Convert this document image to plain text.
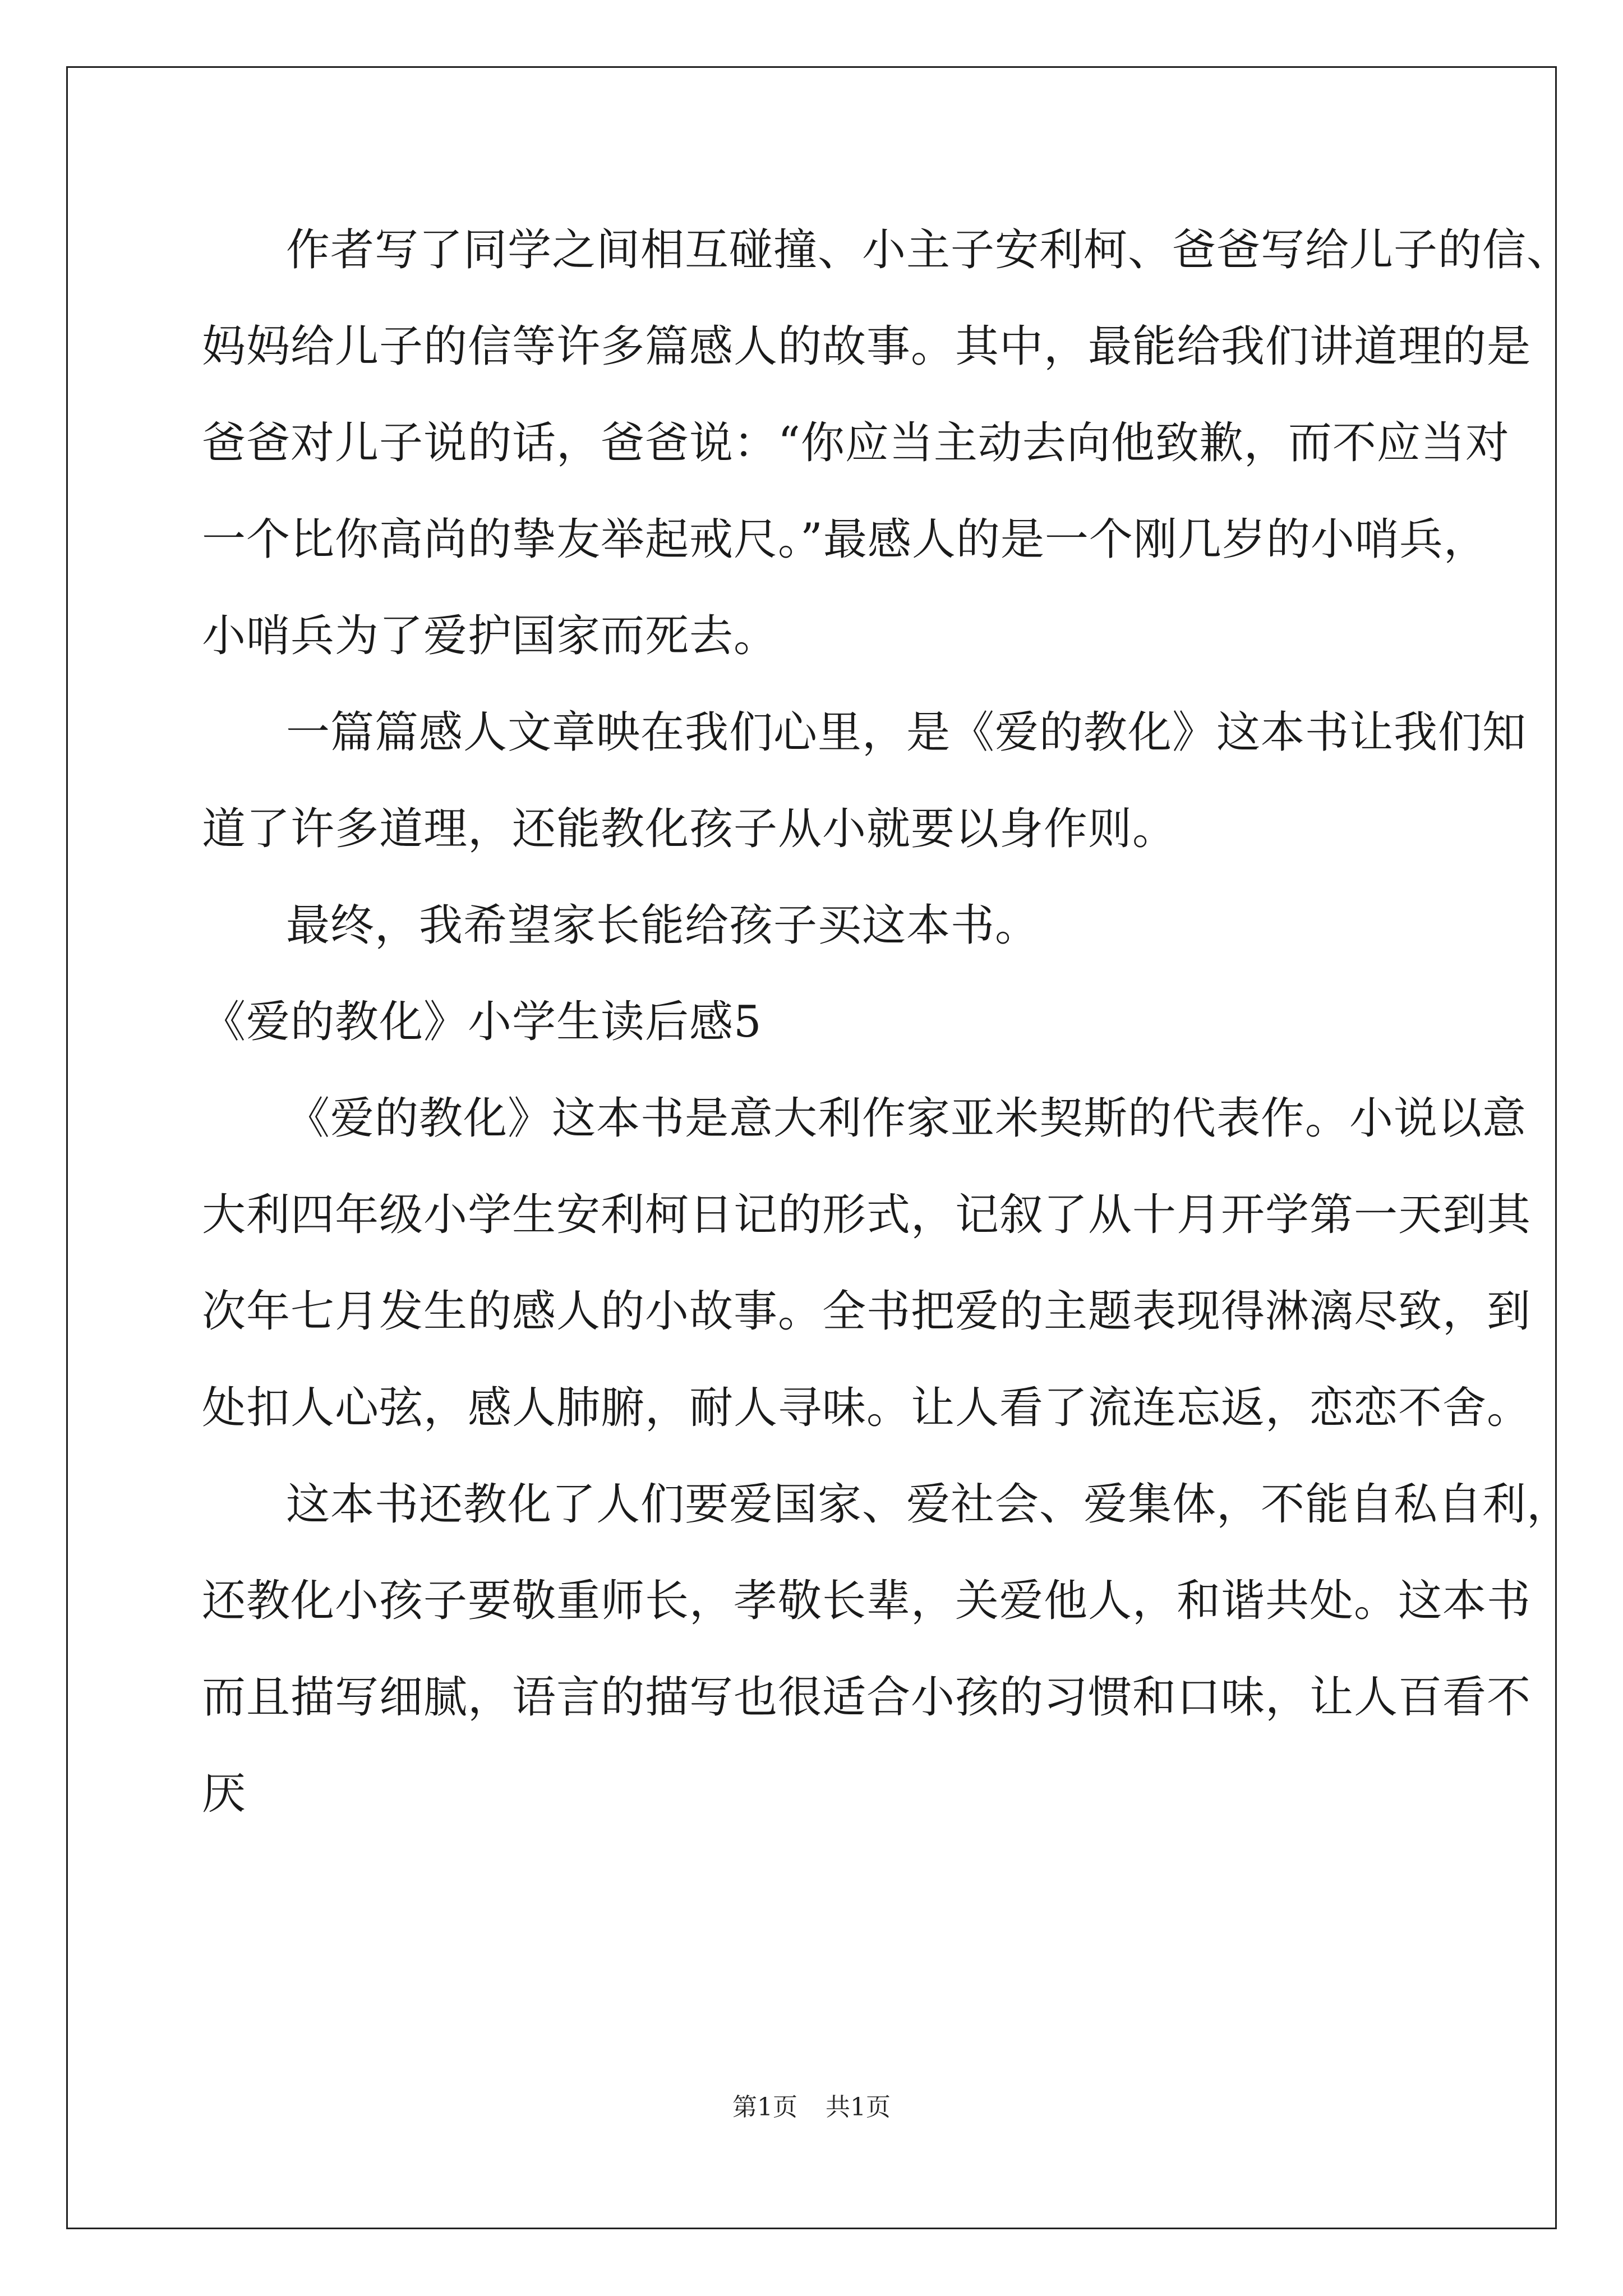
作者写了同学之间相互碰撞、小主子安利柯、爸爸写给儿子的信、
妈妈给儿子的信等许多篇感人的故事。其中，最能给我们讲道理的是
爸爸对儿子说的话，爸爸说：“你应当主动去向他致歉，而不应当对
一个比你高尚的挚友举起戒尺。”最感人的是一个刚几岁的小哨兵，
小哨兵为了爱护国家而死去。
一篇篇感人文章映在我们心里，是《爱的教化》这本书让我们知
道了许多道理，还能教化孩子从小就要以身作则。
最终，我希望家长能给孩子买这本书。
《爱的教化》小学生读后感5
《爱的教化》这本书是意大利作家亚米契斯的代表作。小说以意
大利四年级小学生安利柯日记的形式，记叙了从十月开学第一天到其
次年七月发生的感人的小故事。全书把爱的主题表现得淋漓尽致，到
处扣人心弦，感人肺腑，耐人寻味。让人看了流连忘返，恋恋不舍。
这本书还教化了人们要爱国家、爱社会、爱集体，不能自私自利，
还教化小孩子要敬重师长，孝敬长辈，关爱他人，和谐共处。这本书
而且描写细腻，语言的描写也很适合小孩的习惯和口味，让人百看不
厌
第1页 共1页
